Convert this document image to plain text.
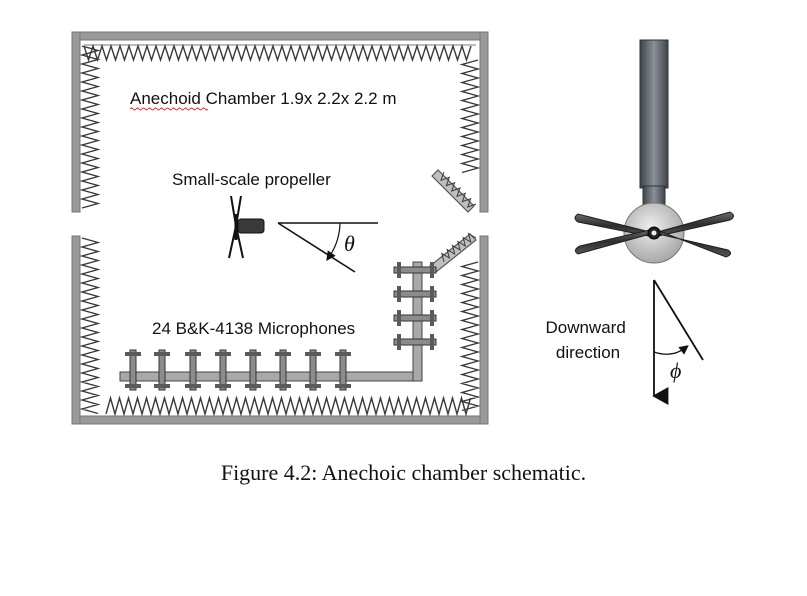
Anechoid Chamber 1.9x 2.2x 2.2 m
Small-scale propeller
θ
24 B&K-4138 Microphones
ϕ
Downward direction
Figure 4.2: Anechoic chamber schematic.
